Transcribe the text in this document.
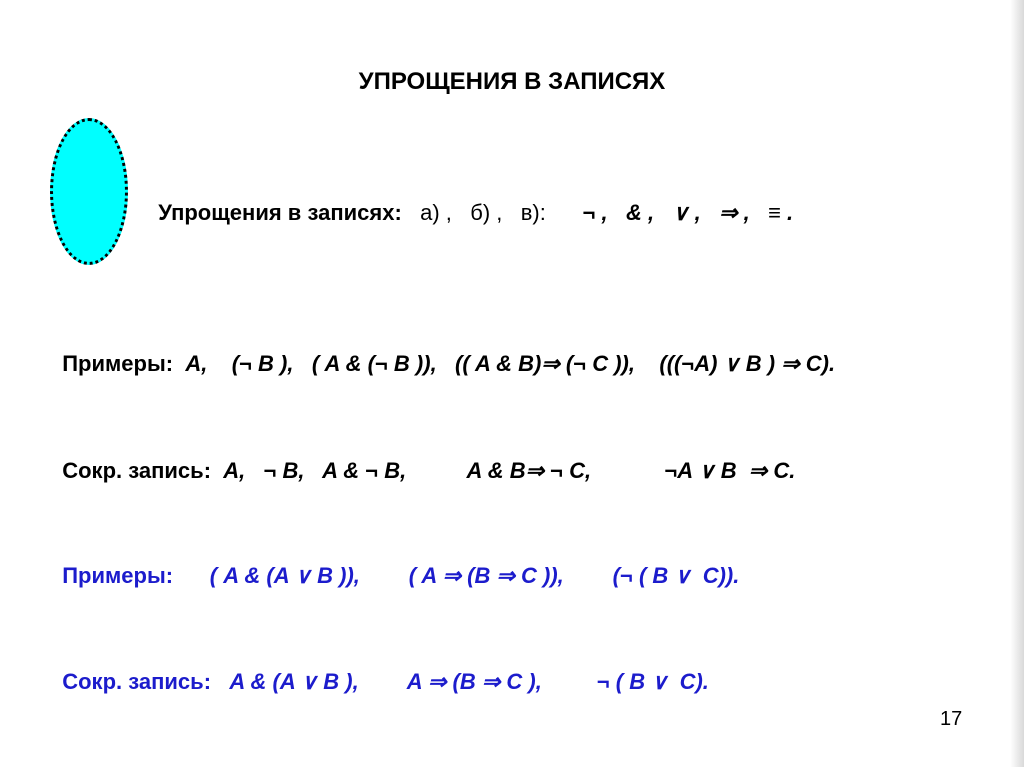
УПРОЩЕНИЯ В ЗАПИСЯХ

Упрощения в записях: а) ,   б) ,   в): ¬ ,   & ,   ∨ ,   ⇒ ,   ≡ .

Примеры: A,    (¬ B ),   ( A & (¬ B )),   (( A & B)⇒ (¬ C )),    (((¬A) ∨ B ) ⇒ C).

Сокр. запись: A,   ¬ B,   A & ¬ B,          A & B⇒ ¬ C,            ¬A ∨ B  ⇒ C.

Примеры: ( A & (A ∨ B )),        ( A ⇒ (B ⇒ C )),        (¬ ( B ∨  C)).

Сокр. запись: A & (A ∨ B ),        A ⇒ (B ⇒ C ),         ¬ ( B ∨  C).

17
